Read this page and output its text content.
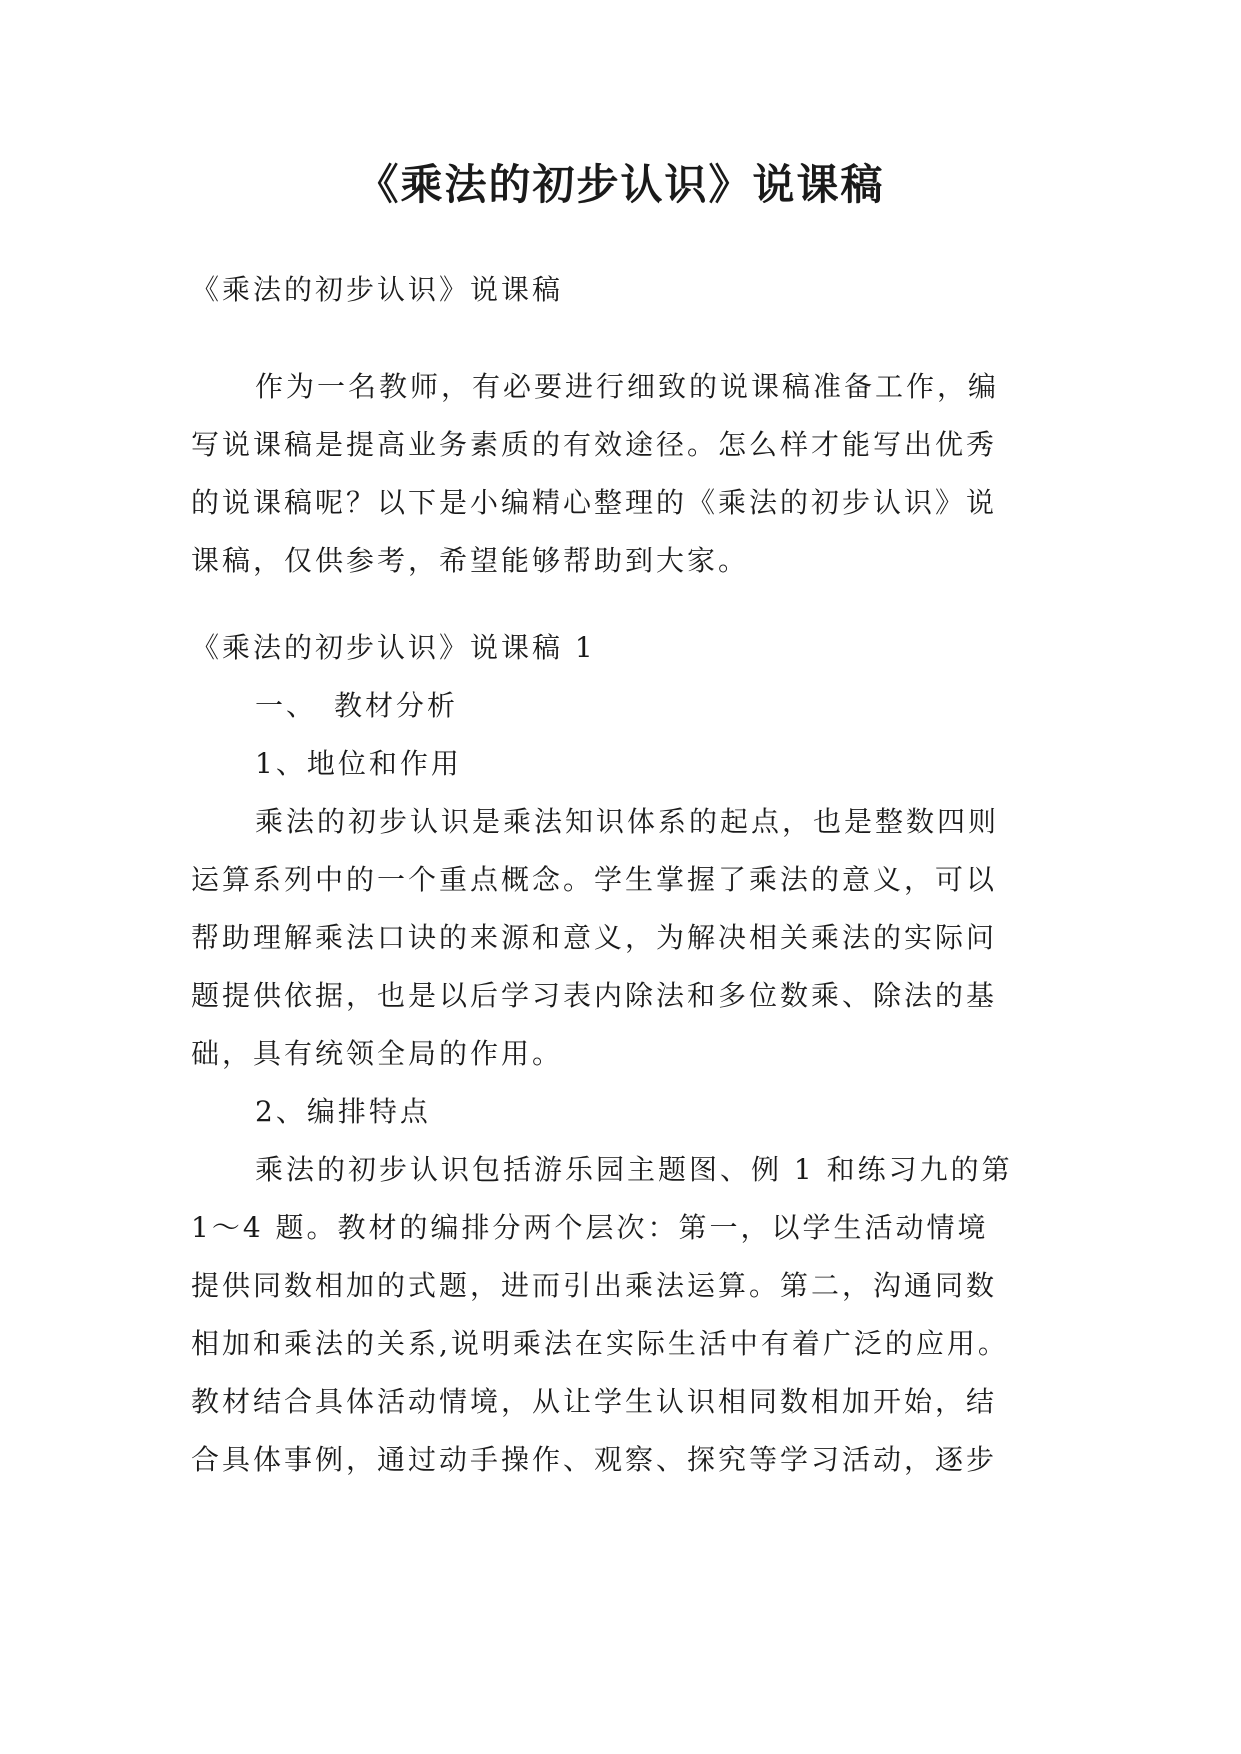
《乘法的初步认识》说课稿
《乘法的初步认识》说课稿
作为一名教师，有必要进行细致的说课稿准备工作，编
写说课稿是提高业务素质的有效途径。怎么样才能写出优秀
的说课稿呢？以下是小编精心整理的《乘法的初步认识》说
课稿，仅供参考，希望能够帮助到大家。
《乘法的初步认识》说课稿 1
一、　教材分析
1、地位和作用
乘法的初步认识是乘法知识体系的起点，也是整数四则
运算系列中的一个重点概念。学生掌握了乘法的意义，可以
帮助理解乘法口诀的来源和意义，为解决相关乘法的实际问
题提供依据，也是以后学习表内除法和多位数乘、除法的基
础，具有统领全局的作用。
2、编排特点
乘法的初步认识包括游乐园主题图、例 1 和练习九的第
1～4 题。教材的编排分两个层次：第一，以学生活动情境
提供同数相加的式题，进而引出乘法运算。第二，沟通同数
相加和乘法的关系,说明乘法在实际生活中有着广泛的应用。
教材结合具体活动情境，从让学生认识相同数相加开始，结
合具体事例，通过动手操作、观察、探究等学习活动，逐步
